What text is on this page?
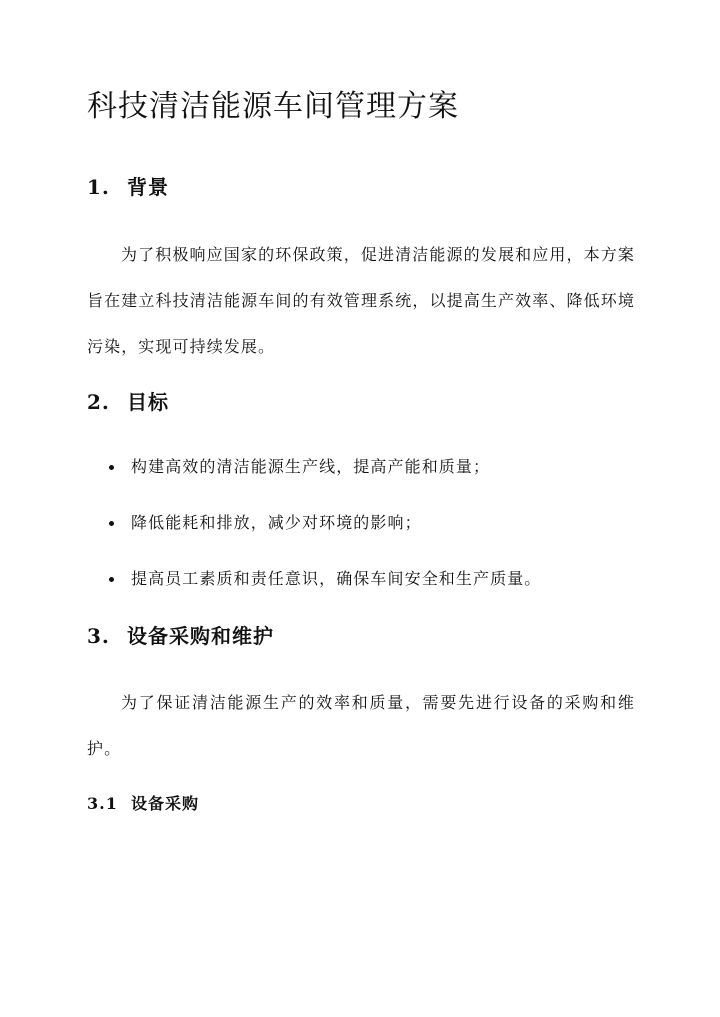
科技清洁能源车间管理方案
1. 背景

为了积极响应国家的环保政策，促进清洁能源的发展和应用，本方案旨在建立科技清洁能源车间的有效管理系统，以提高生产效率、降低环境污染，实现可持续发展。

2. 目标
构建高效的清洁能源生产线，提高产能和质量；
降低能耗和排放，减少对环境的影响；
提高员工素质和责任意识，确保车间安全和生产质量。
3. 设备采购和维护

为了保证清洁能源生产的效率和质量，需要先进行设备的采购和维护。

3.1 设备采购
